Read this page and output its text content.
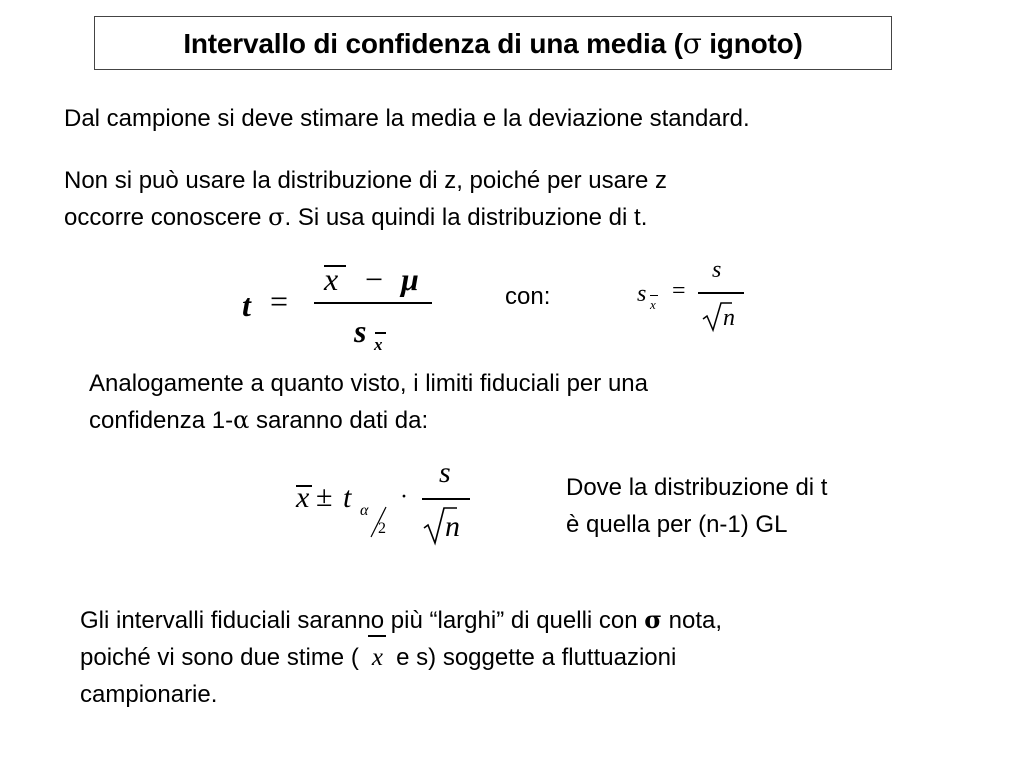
Intervallo di confidenza di una media (σ ignoto)

Dal campione si deve stimare la media e la deviazione standard.

Non si può usare la distribuzione di z, poiché per usare z
occorre conoscere σ. Si usa quindi la distribuzione di t.

t =
x − μ
s x
con:	s x
=
s
n

Analogamente a quanto visto, i limiti fiduciali per una
confidenza 1-α saranno dati da:

x ± t α
2
·
s
n

Dove la distribuzione di t
è quella per (n-1) GL

Gli intervalli fiduciali saranno più “larghi” di quelli con σ nota,
poiché vi sono due stime ( x e s) soggette a fluttuazioni
campionarie.
